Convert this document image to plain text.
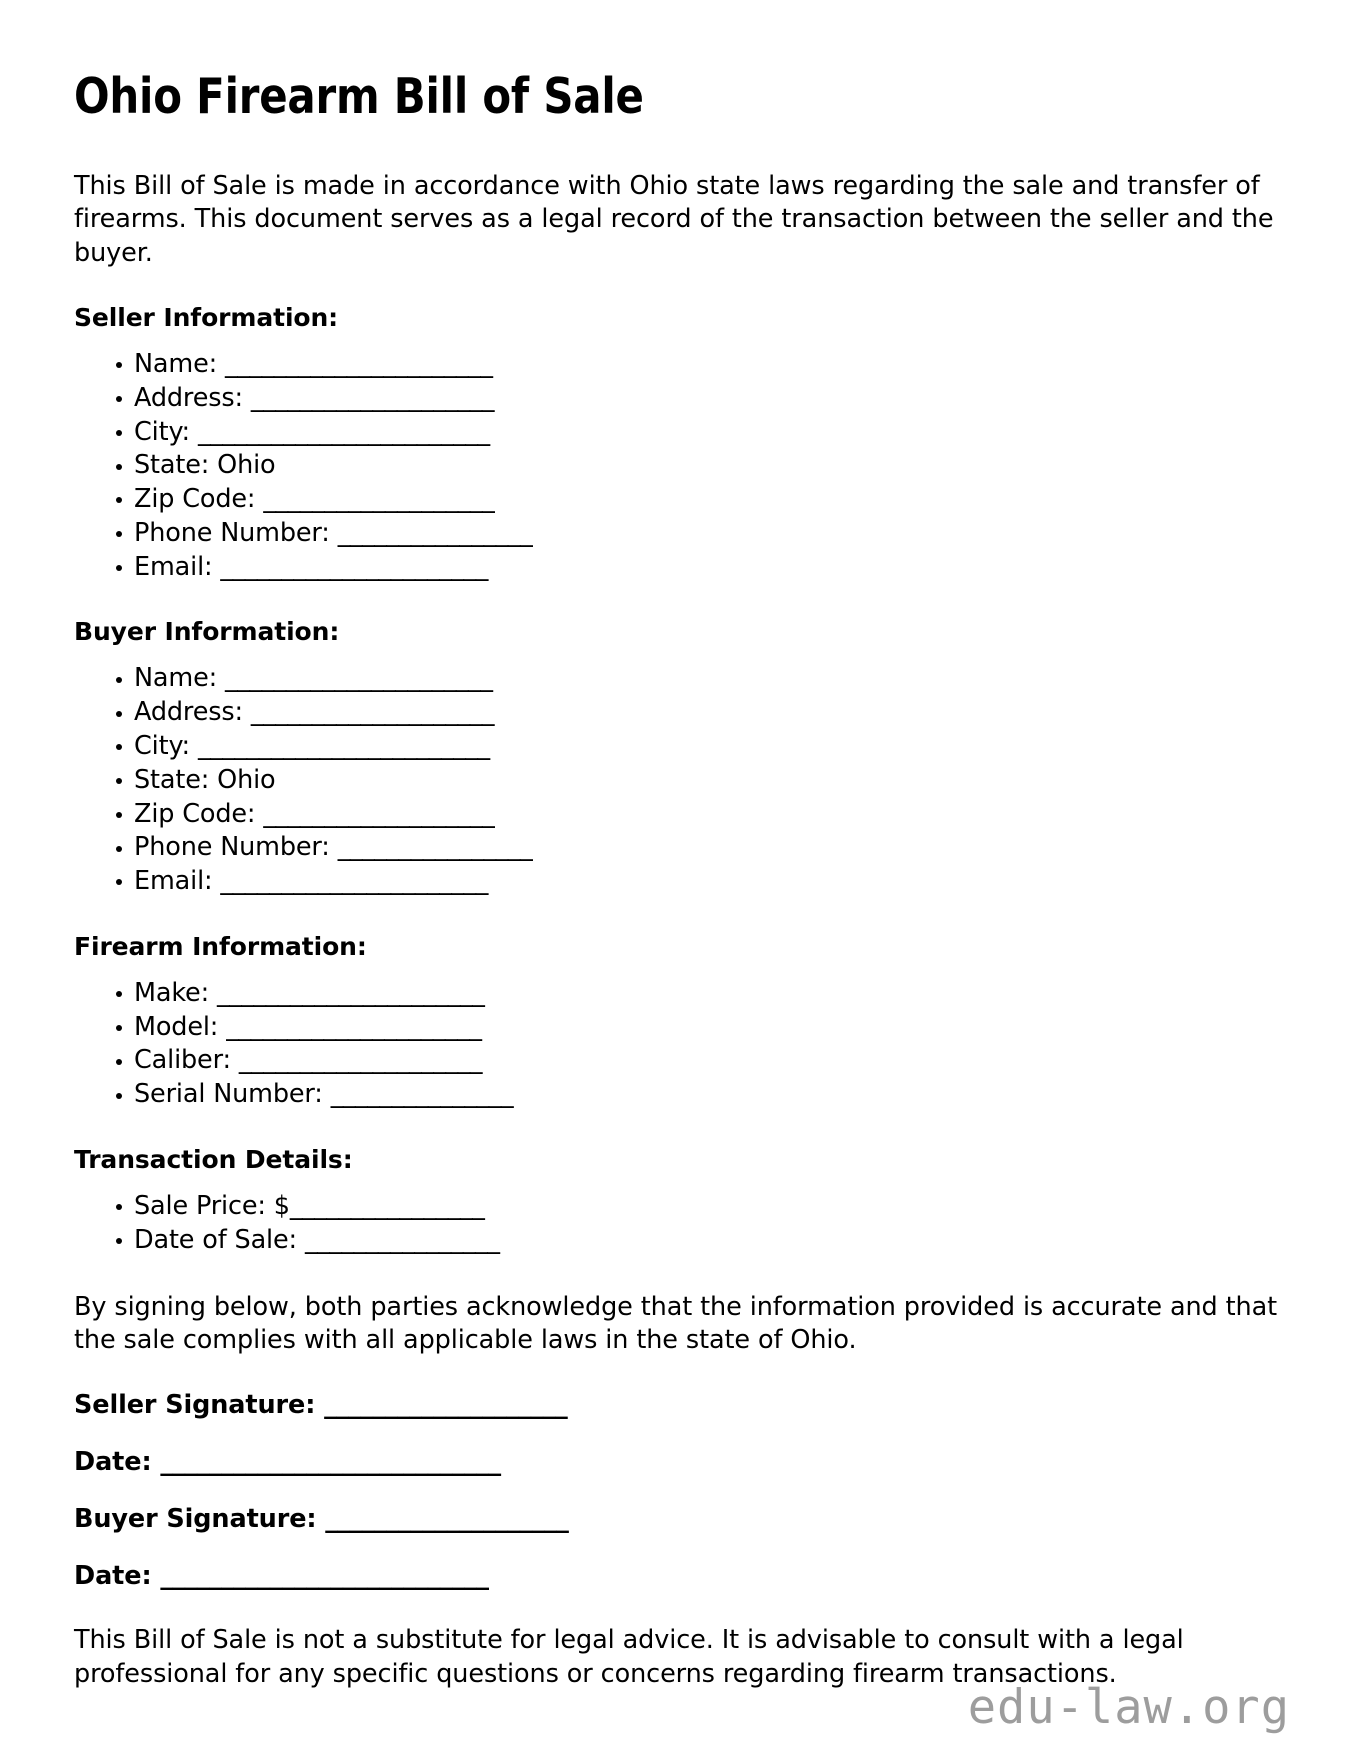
Ohio Firearm Bill of Sale

This Bill of Sale is made in accordance with Ohio state laws regarding the sale and transfer of firearms. This document serves as a legal record of the transaction between the seller and the buyer.

Seller Information:
Name: ______________________
Address: ____________________
City: ________________________
State: Ohio
Zip Code: ___________________
Phone Number: ________________
Email: ______________________
Buyer Information:
Name: ______________________
Address: ____________________
City: ________________________
State: Ohio
Zip Code: ___________________
Phone Number: ________________
Email: ______________________
Firearm Information:
Make: ______________________
Model: _____________________
Caliber: ____________________
Serial Number: _______________
Transaction Details:
Sale Price: $________________
Date of Sale: ________________

By signing below, both parties acknowledge that the information provided is accurate and that the sale complies with all applicable laws in the state of Ohio.

Seller Signature: ____________________

Date: ____________________________

Buyer Signature: ____________________

Date: ___________________________

This Bill of Sale is not a substitute for legal advice. It is advisable to consult with a legal professional for any specific questions or concerns regarding firearm transactions.

edu-law.org
